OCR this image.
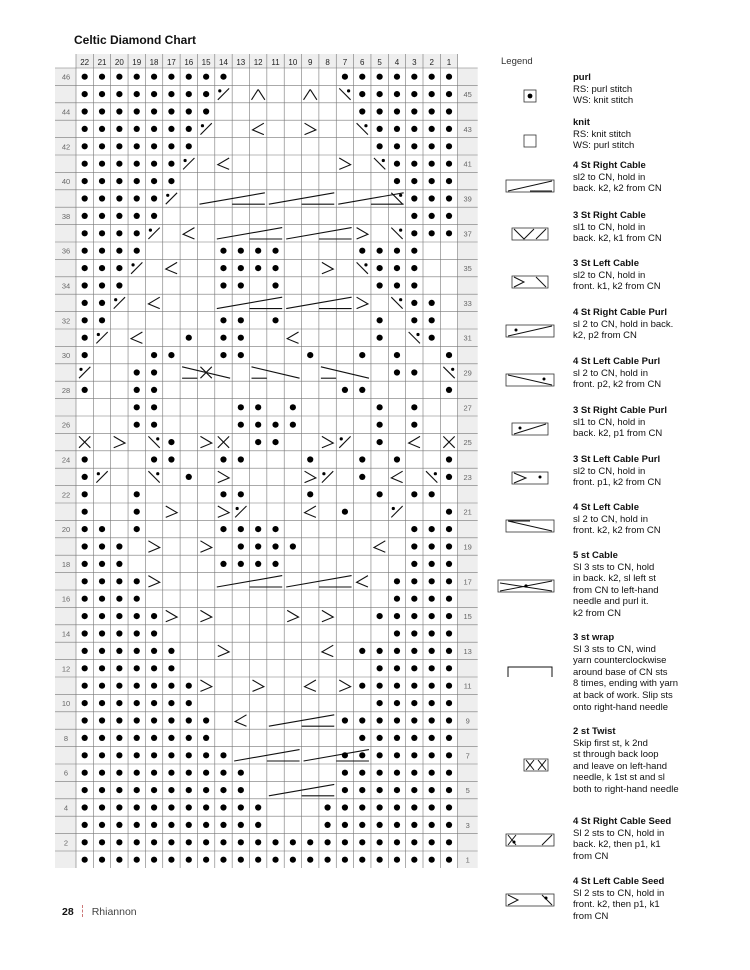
Celtic Diamond Chart
22 21 20 19 18 17 16 15 14 13 12 11 10 9 8 7 6 5 4 3 2 1
46
44
42
40
38
36
34
32
30
28
26
24
22
20
18
16
14
12
10
8
6
4
2
45
43
41
39
37
35
33
31
29
27
25
23
21
19
17
15
13
11
9
7
5
3
1
Legend
purl
RS: purl stitch
WS: knit stitch
knit
RS: knit stitch
WS: purl stitch
4 St Right Cable
sl2 to CN, hold in
back. k2, k2 from CN
3 St Right Cable
sl1 to CN, hold in
back. k2, k1 from CN
3 St Left Cable
sl2 to CN, hold in
front. k1, k2 from CN
4 St Right Cable Purl
sl 2 to CN, hold in back.
k2, p2 from CN
4 St Left Cable Purl
sl 2 to CN, hold in
front. p2, k2 from CN
3 St Right Cable Purl
sl1 to CN, hold in
back. k2, p1 from CN
3 St Left Cable Purl
sl2 to CN, hold in
front. p1, k2 from CN
4 St Left Cable
sl 2 to CN, hold in
front. k2, k2 from CN
5 st Cable
Sl 3 sts to CN, hold
in back. k2, sl left st
from CN to left-hand
needle and purl it.
k2 from CN
3 st wrap
Sl 3 sts to CN, wind
yarn counterclockwise
around base of CN sts
8 times, ending with yarn
at back of work. Slip sts
onto right-hand needle
2 st Twist
Skip first st, k 2nd
st through back loop
and leave on left-hand
needle, k 1st st and sl
both to right-hand needle
4 St Right Cable Seed
Sl 2 sts to CN, hold in
back. k2, then p1, k1
from CN
4 St Left Cable Seed
Sl 2 sts to CN, hold in
front. k2, then p1, k1
from CN
28 Rhiannon
